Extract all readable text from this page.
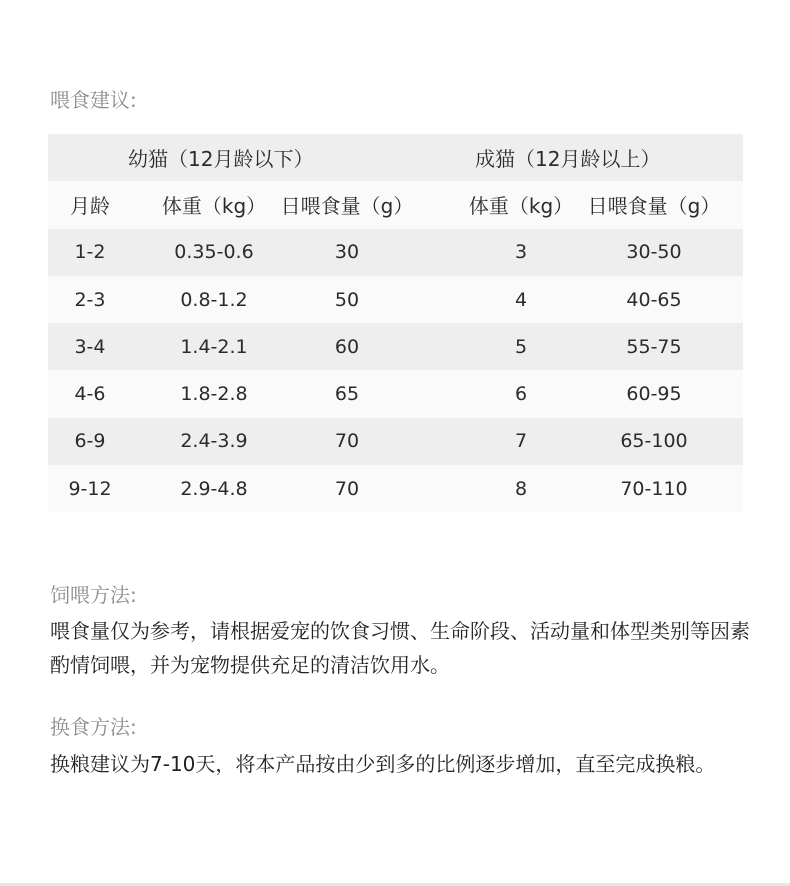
喂食建议:
幼猫（12月龄以下）	成猫（12月龄以上）
月龄	体重（kg） 日喂食量（g）	体重（kg） 日喂食量（g）
1-2	0.35-0.6	30	3	30-50
2-3	0.8-1.2	50	4	40-65
3-4	1.4-2.1	60	5	55-75
4-6	1.8-2.8	65	6	60-95
6-9	2.4-3.9	70	7	65-100
9-12	2.9-4.8	70	8	70-110
饲喂方法:

喂食量仅为参考，请根据爱宠的饮食习惯、生命阶段、活动量和体型类别等因素酌情饲喂，并为宠物提供充足的清洁饮用水。

换食方法:

换粮建议为7-10天，将本产品按由少到多的比例逐步增加，直至完成换粮。
